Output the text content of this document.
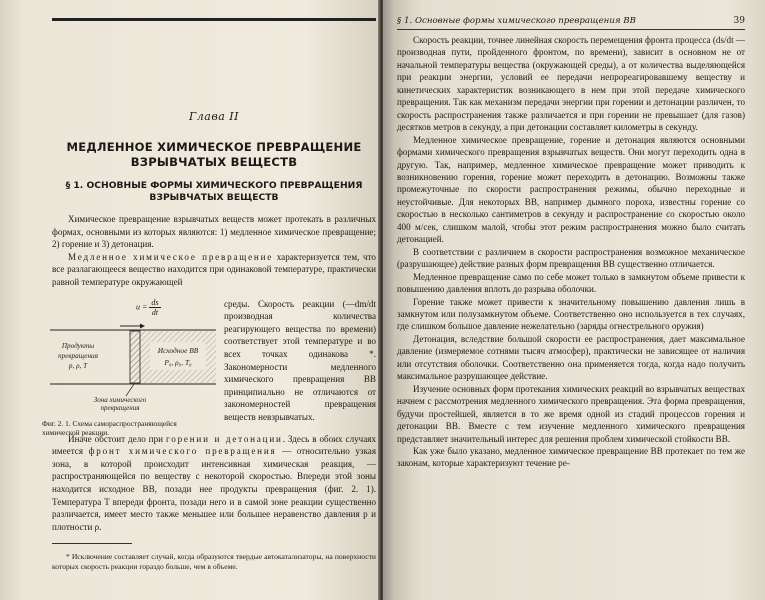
Глава II

МЕДЛЕННОЕ ХИМИЧЕСКОЕ ПРЕВРАЩЕНИЕ ВЗРЫВЧАТЫХ ВЕЩЕСТВ
§ 1. ОСНОВНЫЕ ФОРМЫ ХИМИЧЕСКОГО ПРЕВРАЩЕНИЯ ВЗРЫВЧАТЫХ ВЕЩЕСТВ

Химическое превращение взрывчатых веществ может протекать в различных формах, основными из которых являются: 1) медленное химическое превращение; 2) горение и 3) детонация.

Медленное химическое превращение характеризуется тем, что все разлагающееся вещество находится при одинаковой температуре, практически равной температуре окружающей

$u = \frac{ds}{dt}$
Исходное ВВ
P₀, ρ₀, T₀
Продукты
превращения
p, ρ, T
Зона химического
превращения

Фиг. 2. 1. Схема самораспространяющейся химической реакции.

среды. Скорость реакции (—dm/dt производная количества реагирующего вещества по времени) соответствует этой температуре и во всех точках одинакова *. Закономерности медленного химического превращения ВВ принципиально не отличаются от закономерностей превращения веществ невзрывчатых.

Иначе обстоит дело при горении и детонации. Здесь в обоих случаях имеется фронт химического превращения — относительно узкая зона, в которой происходит интенсивная химическая реакция, — распространяющейся по веществу с некоторой скоростью. Впереди этой зоны находится исходное ВВ, позади нее продукты превращения (фиг. 2. 1). Температура T впереди фронта, позади него и в самой зоне реакции существенно различается, имеет место также меньшее или большее неравенство давления p и плотности ρ.

* Исключение составляет случай, когда образуются твердые автокатализаторы, на поверхности которых скорость реакции гораздо больше, чем в объеме.

§ 1. Основные формы химического превращения ВВ	39

Скорость реакции, точнее линейная скорость перемещения фронта процесса (ds/dt — производная пути, пройденного фронтом, по времени), зависит в основном не от начальной температуры вещества (окружающей среды), а от количества выделяющейся при реакции энергии, условий ее передачи непрореагировавшему веществу и кинетических характеристик возникающего в нем при этой передаче химического превращения. Так как механизм передачи энергии при горении и детонации различен, то скорость распространения также различается и при горении не превышает (для газов) десятков метров в секунду, а при детонации составляет километры в секунду.

Медленное химическое превращение, горение и детонация являются основными формами химического превращения взрывчатых веществ. Они могут переходить одна в другую. Так, например, медленное химическое превращение может приводить к возникновению горения, горение может переходить в детонацию. Возможны также промежуточные по скорости распространения режимы, обычно переходные и неустойчивые. Для некоторых ВВ, например дымного пороха, известны горение со скоростью в несколько сантиметров в секунду и распространение со скоростью около 400 м/сек, слишком малой, чтобы этот режим распространения можно было считать детонацией.

В соответствии с различием в скорости распространения возможное механическое (разрушающее) действие разных форм превращения ВВ существенно отличается.

Медленное превращение само по себе может только в замкнутом объеме привести к повышению давления вплоть до разрыва оболочки.

Горение также может привести к значительному повышению давления лишь в замкнутом или полузамкнутом объеме. Соответственно оно используется в тех случаях, где слишком большое давление нежелательно (заряды огнестрельного оружия)

Детонация, вследствие большой скорости ее распространения, дает максимальное давление (измеряемое сотнями тысяч атмосфер), практически не зависящее от наличия или отсутствия оболочки. Соответственно она применяется тогда, когда надо получить максимальное разрушающее действие.

Изучение основных форм протекания химических реакций во взрывчатых веществах начнем с рассмотрения медленного химического превращения. Эта форма превращения, будучи простейшей, является в то же время одной из стадий процессов горения и детонации ВВ. Вместе с тем изучение медленного химического превращения представляет значительный интерес для решения проблем химической стойкости ВВ.

Как уже было указано, медленное химическое превращение ВВ протекает по тем же законам, которые характеризуют течение ре-
